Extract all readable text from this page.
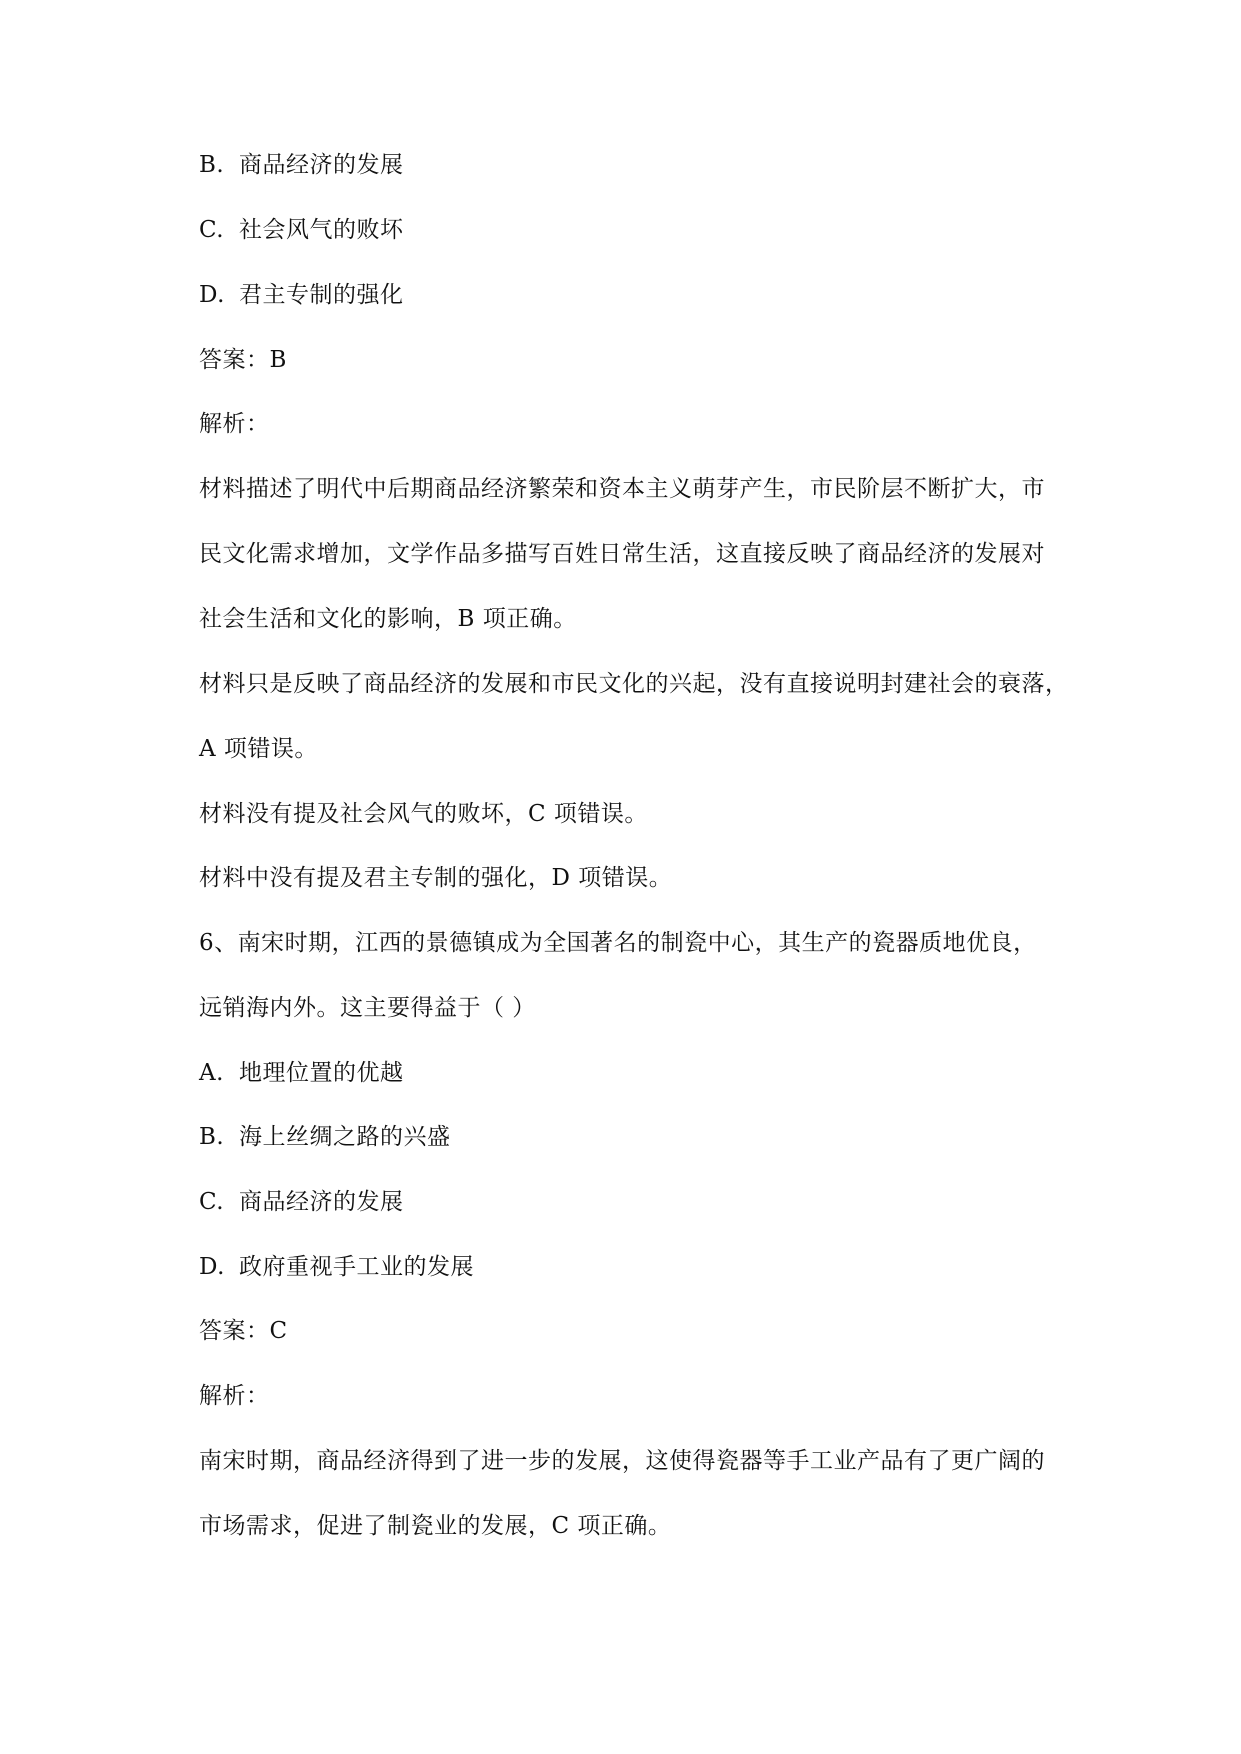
B. 商品经济的发展
C. 社会风气的败坏
D. 君主专制的强化
答案：B
解析：
材料描述了明代中后期商品经济繁荣和资本主义萌芽产生，市民阶层不断扩大，市
民文化需求增加，文学作品多描写百姓日常生活，这直接反映了商品经济的发展对
社会生活和文化的影响，B 项正确。
材料只是反映了商品经济的发展和市民文化的兴起，没有直接说明封建社会的衰落，
A 项错误。
材料没有提及社会风气的败坏，C 项错误。
材料中没有提及君主专制的强化，D 项错误。
6、南宋时期，江西的景德镇成为全国著名的制瓷中心，其生产的瓷器质地优良，
远销海内外。这主要得益于（ ）
A. 地理位置的优越
B. 海上丝绸之路的兴盛
C. 商品经济的发展
D. 政府重视手工业的发展
答案：C
解析：
南宋时期，商品经济得到了进一步的发展，这使得瓷器等手工业产品有了更广阔的
市场需求，促进了制瓷业的发展，C 项正确。
